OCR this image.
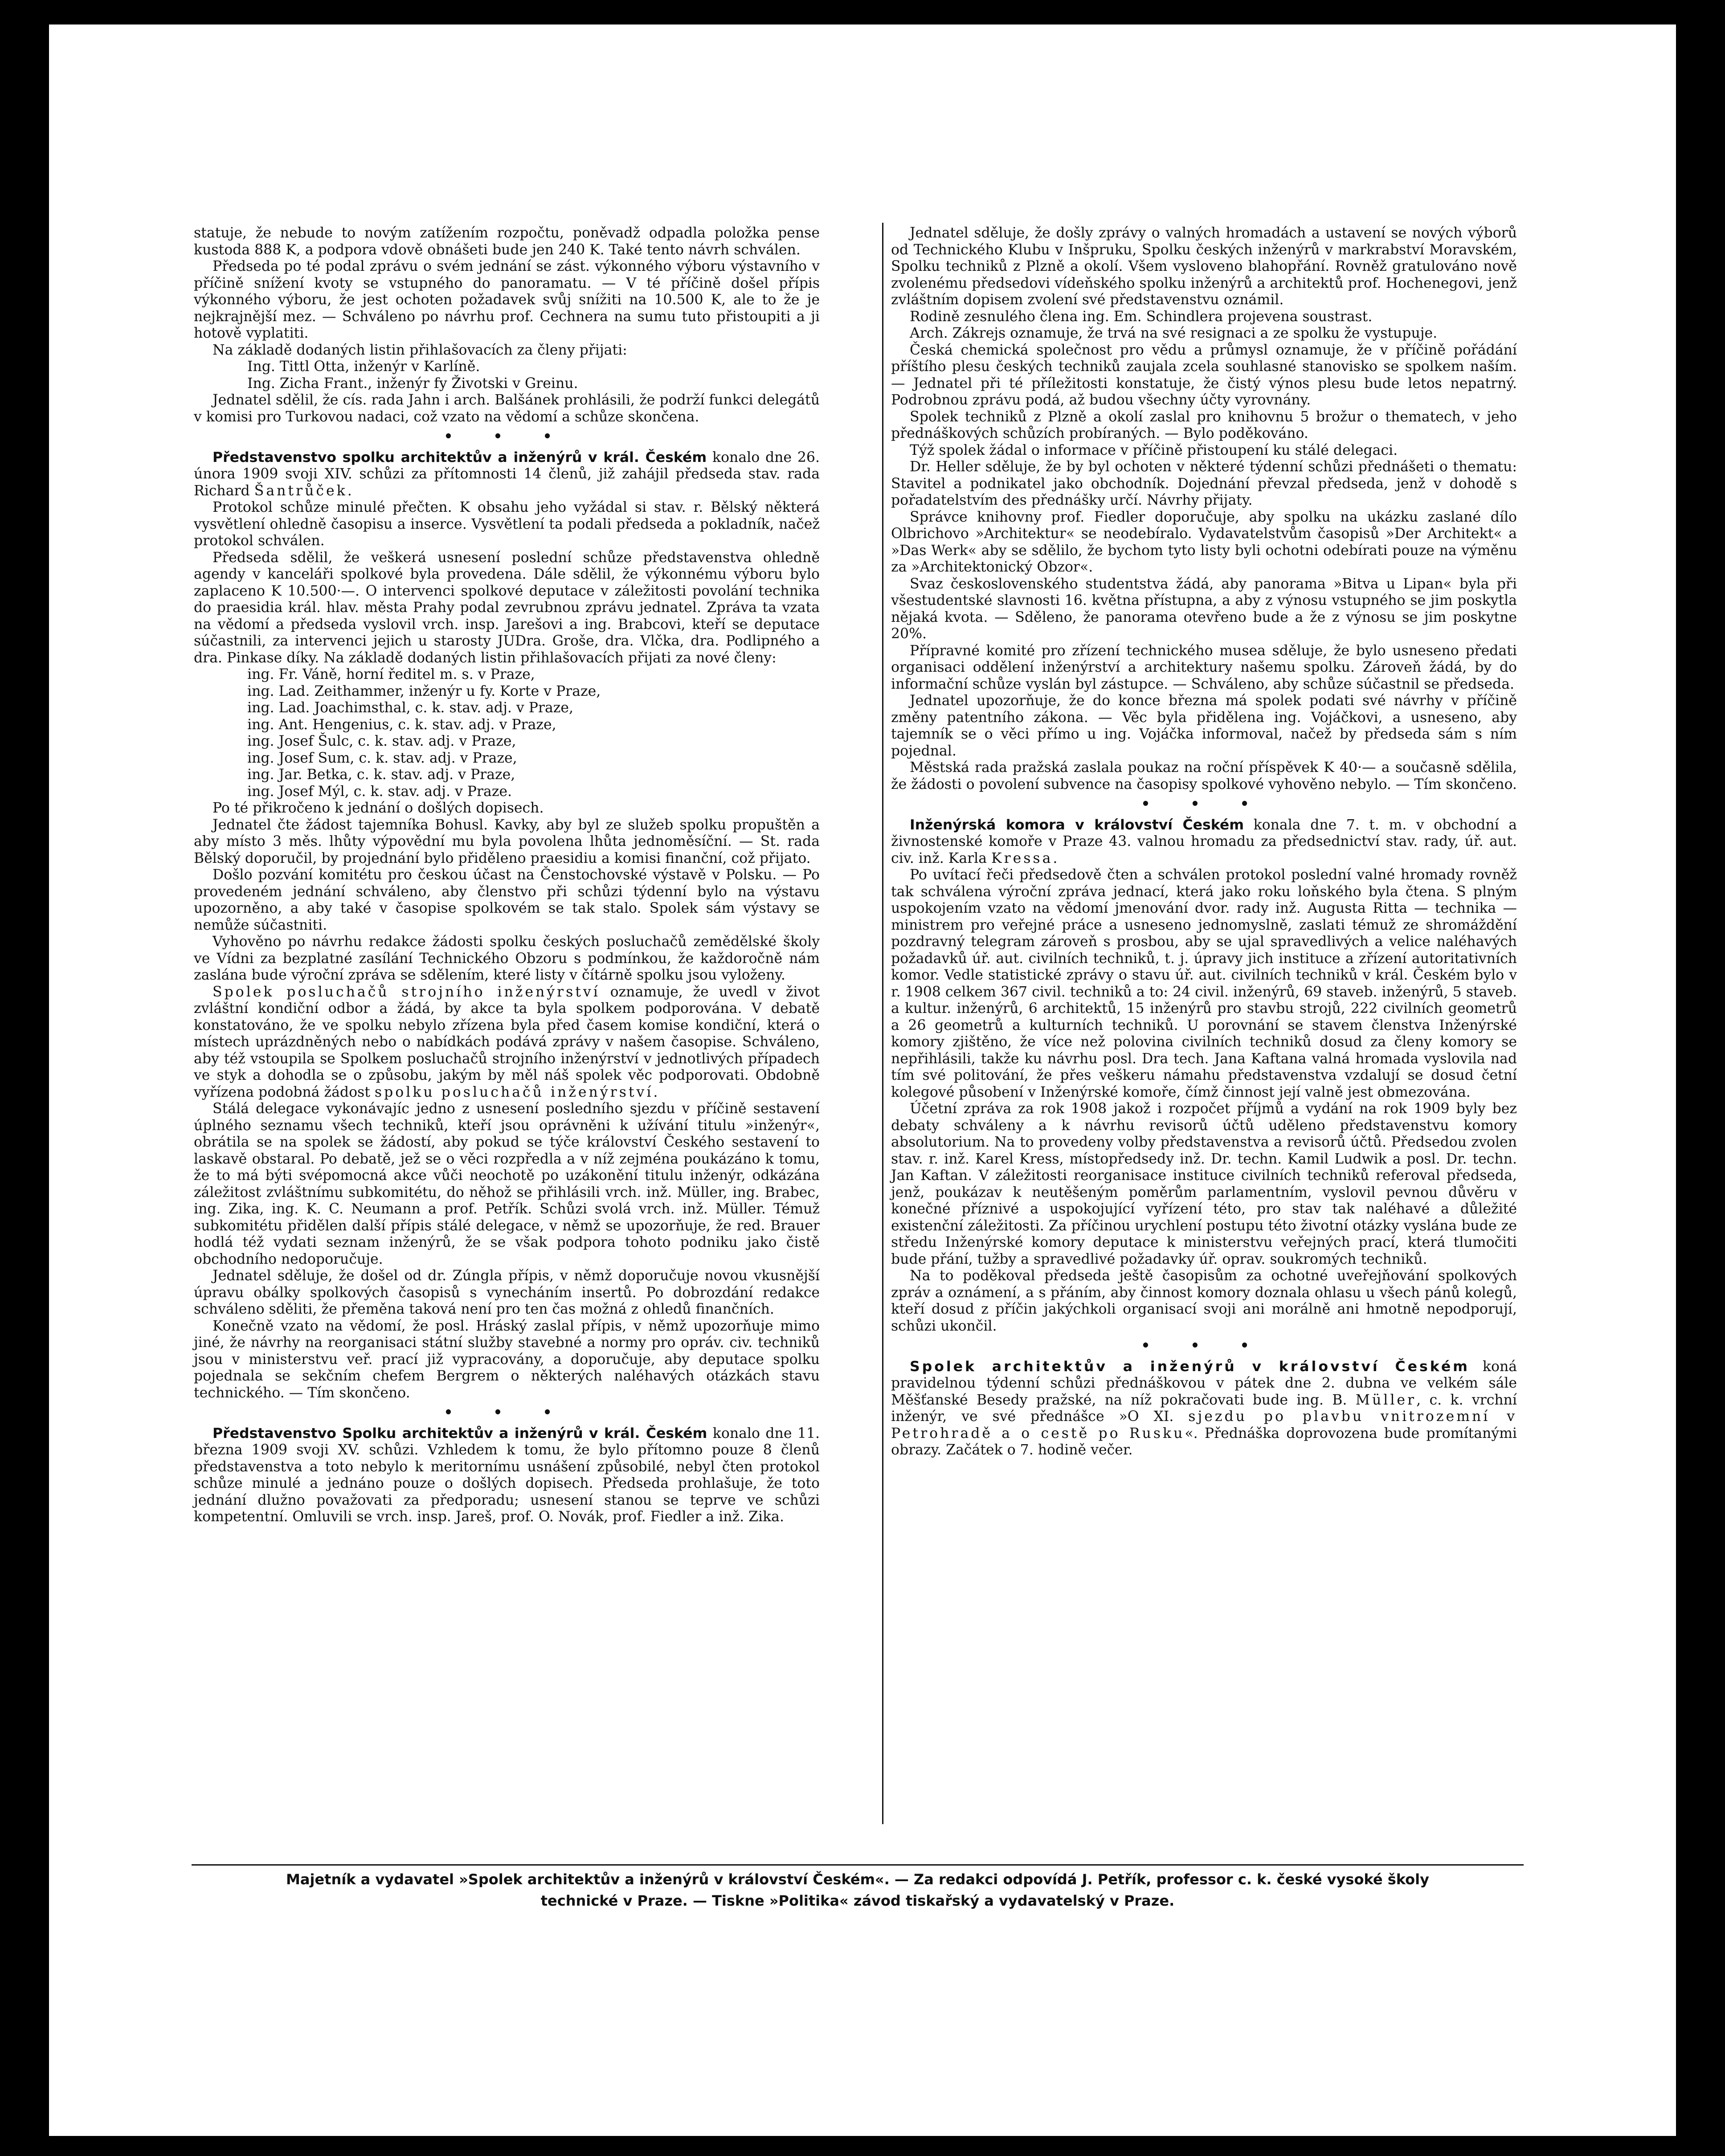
statuje, že nebude to novým zatížením rozpočtu, poněvadž odpadla položka pense kustoda 888 K, a podpora vdově obnášeti bude jen 240 K. Také tento návrh schválen.

Předseda po té podal zprávu o svém jednání se zást. výkonného výboru výstavního v příčině snížení kvoty se vstupného do panoramatu. — V té příčině došel přípis výkonného výboru, že jest ochoten požadavek svůj snížiti na 10.500 K, ale to že je nejkrajnější mez. — Schváleno po návrhu prof. Cechnera na sumu tuto přistoupiti a ji hotově vyplatiti.

Na základě dodaných listin přihlašovacích za členy přijati:

Ing. Tittl Otta, inženýr v Karlíně.
Ing. Zicha Frant., inženýr fy Životski v Greinu.

Jednatel sdělil, že cís. rada Jahn i arch. Balšánek prohlásili, že podrží funkci delegátů v komisi pro Turkovou nadaci, což vzato na vědomí a schůze skončena.

• • •

Představenstvo spolku architektův a inženýrů v král. Českém konalo dne 26. února 1909 svoji XIV. schůzi za přítomnosti 14 členů, již zahájil předseda stav. rada Richard Šantrůček.

Protokol schůze minulé přečten. K obsahu jeho vyžádal si stav. r. Bělský některá vysvětlení ohledně časopisu a inserce. Vysvětlení ta podali předseda a pokladník, načež protokol schválen.

Předseda sdělil, že veškerá usnesení poslední schůze představenstva ohledně agendy v kanceláři spolkové byla provedena. Dále sdělil, že výkonnému výboru bylo zaplaceno K 10.500·—. O intervenci spolkové deputace v záležitosti povolání technika do praesidia král. hlav. města Prahy podal zevrubnou zprávu jednatel. Zpráva ta vzata na vědomí a předseda vyslovil vrch. insp. Jarešovi a ing. Brabcovi, kteří se deputace súčastnili, za intervenci jejich u starosty JUDra. Groše, dra. Vlčka, dra. Podlipného a dra. Pinkase díky. Na základě dodaných listin přihlašovacích přijati za nové členy:

ing. Fr. Váně, horní ředitel m. s. v Praze,
ing. Lad. Zeithammer, inženýr u fy. Korte v Praze,
ing. Lad. Joachimsthal, c. k. stav. adj. v Praze,
ing. Ant. Hengenius, c. k. stav. adj. v Praze,
ing. Josef Šulc, c. k. stav. adj. v Praze,
ing. Josef Sum, c. k. stav. adj. v Praze,
ing. Jar. Betka, c. k. stav. adj. v Praze,
ing. Josef Mýl, c. k. stav. adj. v Praze.

Po té přikročeno k jednání o došlých dopisech.

Jednatel čte žádost tajemníka Bohusl. Kavky, aby byl ze služeb spolku propuštěn a aby místo 3 měs. lhůty výpovědní mu byla povolena lhůta jednoměsíční. — St. rada Bělský doporučil, by projednání bylo přiděleno praesidiu a komisi finanční, což přijato.

Došlo pozvání komitétu pro českou účast na Čenstochovské výstavě v Polsku. — Po provedeném jednání schváleno, aby členstvo při schůzi týdenní bylo na výstavu upozorněno, a aby také v časopise spolkovém se tak stalo. Spolek sám výstavy se nemůže súčastniti.

Vyhověno po návrhu redakce žádosti spolku českých posluchačů zemědělské školy ve Vídni za bezplatné zasílání Technického Obzoru s podmínkou, že každoročně nám zaslána bude výroční zpráva se sdělením, které listy v čítárně spolku jsou vyloženy.

Spolek posluchačů strojního inženýrství oznamuje, že uvedl v život zvláštní kondiční odbor a žádá, by akce ta byla spolkem podporována. V debatě konstatováno, že ve spolku nebylo zřízena byla před časem komise kondiční, která o místech uprázdněných nebo o nabídkách podává zprávy v našem časopise. Schváleno, aby též vstoupila se Spolkem posluchačů strojního inženýrství v jednotlivých případech ve styk a dohodla se o způsobu, jakým by měl náš spolek věc podporovati. Obdobně vyřízena podobná žádost spolku posluchačů inženýrství.

Stálá delegace vykonávajíc jedno z usnesení posledního sjezdu v příčině sestavení úplného seznamu všech techniků, kteří jsou oprávněni k užívání titulu »inženýr«, obrátila se na spolek se žádostí, aby pokud se týče království Českého sestavení to laskavě obstaral. Po debatě, jež se o věci rozpředla a v níž zejména poukázáno k tomu, že to má býti svépomocná akce vůči neochotě po uzákonění titulu inženýr, odkázána záležitost zvláštnímu subkomitétu, do něhož se přihlásili vrch. inž. Müller, ing. Brabec, ing. Zika, ing. K. C. Neumann a prof. Petřík. Schůzi svolá vrch. inž. Müller. Témuž subkomitétu přidělen další přípis stálé delegace, v němž se upozorňuje, že red. Brauer hodlá též vydati seznam inženýrů, že se však podpora tohoto podniku jako čistě obchodního nedoporučuje.

Jednatel sděluje, že došel od dr. Zúngla přípis, v němž doporučuje novou vkusnější úpravu obálky spolkových časopisů s vynecháním insertů. Po dobrozdání redakce schváleno sděliti, že přeměna taková není pro ten čas možná z ohledů finančních.

Konečně vzato na vědomí, že posl. Hráský zaslal přípis, v němž upozorňuje mimo jiné, že návrhy na reorganisaci státní služby stavebné a normy pro opráv. civ. techniků jsou v ministerstvu veř. prací již vypracovány, a doporučuje, aby deputace spolku pojednala se sekčním chefem Bergrem o některých naléhavých otázkách stavu technického. — Tím skončeno.

• • •

Představenstvo Spolku architektův a inženýrů v král. Českém konalo dne 11. března 1909 svoji XV. schůzi. Vzhledem k tomu, že bylo přítomno pouze 8 členů představenstva a toto nebylo k meritornímu usnášení způsobilé, nebyl čten protokol schůze minulé a jednáno pouze o došlých dopisech. Předseda prohlašuje, že toto jednání dlužno považovati za předporadu; usnesení stanou se teprve ve schůzi kompetentní. Omluvili se vrch. insp. Jareš, prof. O. Novák, prof. Fiedler a inž. Zika.

Jednatel sděluje, že došly zprávy o valných hromadách a ustavení se nových výborů od Technického Klubu v Inšpruku, Spolku českých inženýrů v markrabství Moravském, Spolku techniků z Plzně a okolí. Všem vysloveno blahopřání. Rovněž gratulováno nově zvolenému předsedovi vídeňského spolku inženýrů a architektů prof. Hochenegovi, jenž zvláštním dopisem zvolení své představenstvu oznámil.

Rodině zesnulého člena ing. Em. Schindlera projevena soustrast.

Arch. Zákrejs oznamuje, že trvá na své resignaci a ze spolku že vystupuje.

Česká chemická společnost pro vědu a průmysl oznamuje, že v příčině pořádání příštího plesu českých techniků zaujala zcela souhlasné stanovisko se spolkem naším. — Jednatel při té příležitosti konstatuje, že čistý výnos plesu bude letos nepatrný. Podrobnou zprávu podá, až budou všechny účty vyrovnány.

Spolek techniků z Plzně a okolí zaslal pro knihovnu 5 brožur o thematech, v jeho přednáškových schůzích probíraných. — Bylo poděkováno.

Týž spolek žádal o informace v příčině přistoupení ku stálé delegaci.

Dr. Heller sděluje, že by byl ochoten v některé týdenní schůzi přednášeti o thematu: Stavitel a podnikatel jako obchodník. Dojednání převzal předseda, jenž v dohodě s pořadatelstvím des přednášky určí. Návrhy přijaty.

Správce knihovny prof. Fiedler doporučuje, aby spolku na ukázku zaslané dílo Olbrichovo »Architektur« se neodebíralo. Vydavatelstvům časopisů »Der Architekt« a »Das Werk« aby se sdělilo, že bychom tyto listy byli ochotni odebírati pouze na výměnu za »Architektonický Obzor«.

Svaz československého studentstva žádá, aby panorama »Bitva u Lipan« byla při všestudentské slavnosti 16. května přístupna, a aby z výnosu vstupného se jim poskytla nějaká kvota. — Sděleno, že panorama otevřeno bude a že z výnosu se jim poskytne 20%.

Přípravné komité pro zřízení technického musea sděluje, že bylo usneseno předati organisaci oddělení inženýrství a architektury našemu spolku. Zároveň žádá, by do informační schůze vyslán byl zástupce. — Schváleno, aby schůze súčastnil se předseda.

Jednatel upozorňuje, že do konce března má spolek podati své návrhy v příčině změny patentního zákona. — Věc byla přidělena ing. Vojáčkovi, a usneseno, aby tajemník se o věci přímo u ing. Vojáčka informoval, načež by předseda sám s ním pojednal.

Městská rada pražská zaslala poukaz na roční příspěvek K 40·— a současně sdělila, že žádosti o povolení subvence na časopisy spolkové vyhověno nebylo. — Tím skončeno.

• • •

Inženýrská komora v království Českém konala dne 7. t. m. v obchodní a živnostenské komoře v Praze 43. valnou hromadu za předsednictví stav. rady, úř. aut. civ. inž. Karla Kressa.

Po uvítací řeči předsedově čten a schválen protokol poslední valné hromady rovněž tak schválena výroční zpráva jednací, která jako roku loňského byla čtena. S plným uspokojením vzato na vědomí jmenování dvor. rady inž. Augusta Ritta — technika — ministrem pro veřejné práce a usneseno jednomyslně, zaslati témuž ze shromáždění pozdravný telegram zároveň s prosbou, aby se ujal spravedlivých a velice naléhavých požadavků úř. aut. civilních techniků, t. j. úpravy jich instituce a zřízení autoritativních komor. Vedle statistické zprávy o stavu úř. aut. civilních techniků v král. Českém bylo v r. 1908 celkem 367 civil. techniků a to: 24 civil. inženýrů, 69 staveb. inženýrů, 5 staveb. a kultur. inženýrů, 6 architektů, 15 inženýrů pro stavbu strojů, 222 civilních geometrů a 26 geometrů a kulturních techniků. U porovnání se stavem členstva Inženýrské komory zjištěno, že více než polovina civilních techniků dosud za členy komory se nepřihlásili, takže ku návrhu posl. Dra tech. Jana Kaftana valná hromada vyslovila nad tím své politování, že přes veškeru námahu představenstva vzdalují se dosud četní kolegové působení v Inženýrské komoře, čímž činnost její valně jest obmezována.

Účetní zpráva za rok 1908 jakož i rozpočet příjmů a vydání na rok 1909 byly bez debaty schváleny a k návrhu revisorů účtů uděleno představenstvu komory absolutorium. Na to provedeny volby představenstva a revisorů účtů. Předsedou zvolen stav. r. inž. Karel Kress, místopředsedy inž. Dr. techn. Kamil Ludwik a posl. Dr. techn. Jan Kaftan. V záležitosti reorganisace instituce civilních techniků referoval předseda, jenž, poukázav k neutěšeným poměrům parlamentním, vyslovil pevnou důvěru v konečné příznivé a uspokojující vyřízení této, pro stav tak naléhavé a důležité existenční záležitosti. Za příčinou urychlení postupu této životní otázky vyslána bude ze středu Inženýrské komory deputace k ministerstvu veřejných prací, která tlumočiti bude přání, tužby a spravedlivé požadavky úř. oprav. soukromých techniků.

Na to poděkoval předseda ještě časopisům za ochotné uveřejňování spolkových zpráv a oznámení, a s přáním, aby činnost komory doznala ohlasu u všech pánů kolegů, kteří dosud z příčin jakýchkoli organisací svoji ani morálně ani hmotně nepodporují, schůzi ukončil.

• • •

Spolek architektův a inženýrů v království Českém koná pravidelnou týdenní schůzi přednáškovou v pátek dne 2. dubna ve velkém sále Měšťanské Besedy pražské, na níž pokračovati bude ing. B. Müller, c. k. vrchní inženýr, ve své přednášce »O XI. sjezdu po plavbu vnitrozemní v Petrohradě a o cestě po Rusku«. Přednáška doprovozena bude promítanými obrazy. Začátek o 7. hodině večer.

Majetník a vydavatel »Spolek architektův a inženýrů v království Českém«. — Za redakci odpovídá J. Petřík, professor c. k. české vysoké školy
technické v Praze. — Tiskne »Politika« závod tiskařský a vydavatelský v Praze.
